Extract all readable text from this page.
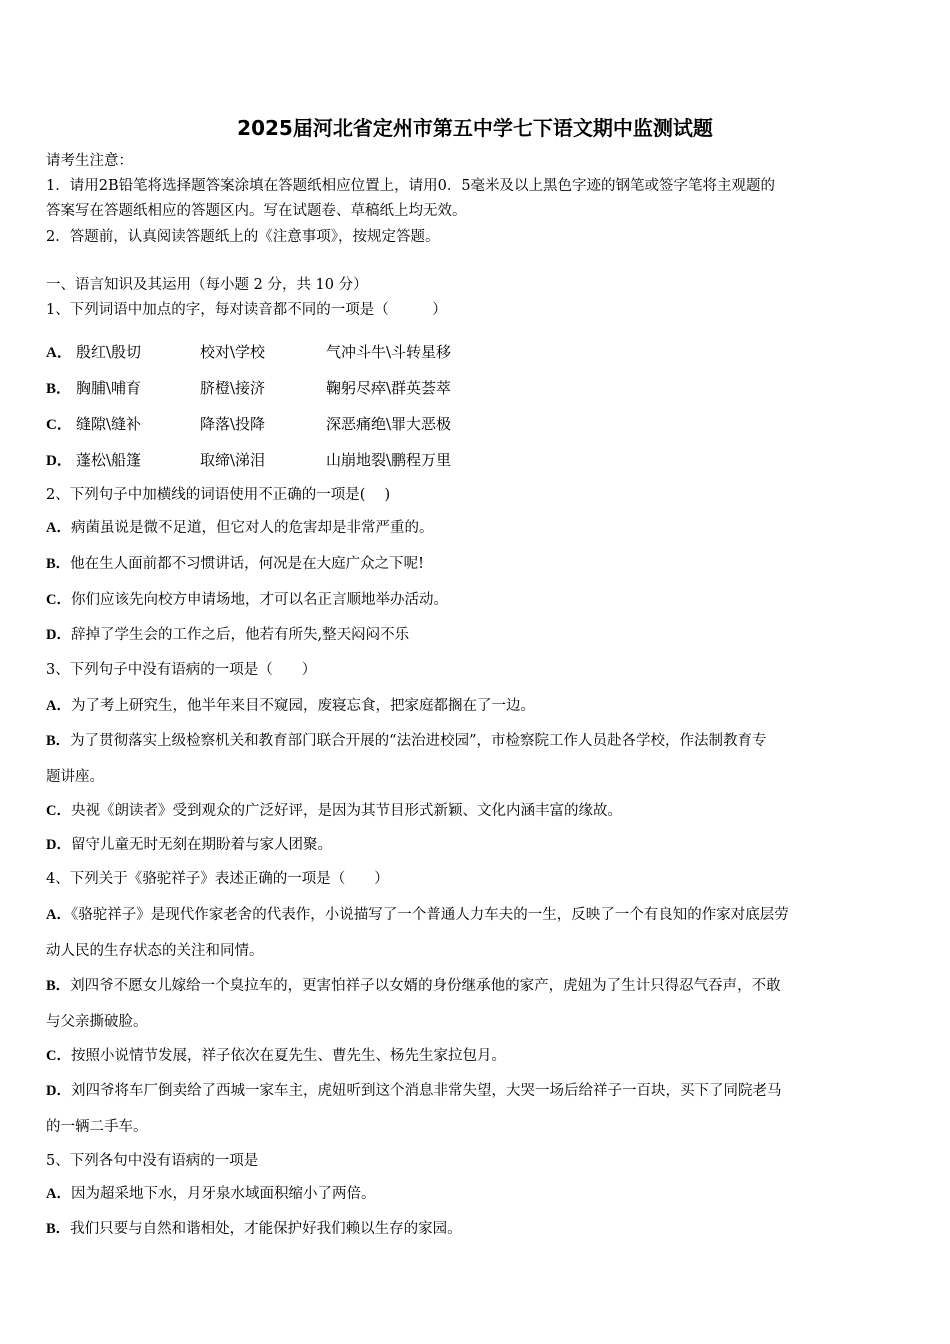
2025届河北省定州市第五中学七下语文期中监测试题
请考生注意：
1．请用2B铅笔将选择题答案涂填在答题纸相应位置上，请用0．5毫米及以上黑色字迹的钢笔或签字笔将主观题的
答案写在答题纸相应的答题区内。写在试题卷、草稿纸上均无效。
2．答题前，认真阅读答题纸上的《注意事项》，按规定答题。
一、语言知识及其运用（每小题 2 分，共 10 分）
1、下列词语中加点的字，每对读音都不同的一项是（　　　）
A． 殷红\殷切	校对\学校	气冲斗牛\斗转星移
B． 胸脯\哺育	脐橙\接济	鞠躬尽瘁\群英荟萃
C． 缝隙\缝补	降落\投降	深恶痛绝\罪大恶极
D． 蓬松\船篷	取缔\涕泪	山崩地裂\鹏程万里
2、下列句子中加横线的词语使用不正确的一项是(　 )
A．病菌虽说是微不足道，但它对人的危害却是非常严重的。
B．他在生人面前都不习惯讲话，何况是在大庭广众之下呢!
C．你们应该先向校方申请场地，才可以名正言顺地举办活动。
D．辞掉了学生会的工作之后，他若有所失,整天闷闷不乐
3、下列句子中没有语病的一项是（　　）
A．为了考上研究生，他半年来目不窥园，废寝忘食，把家庭都搁在了一边。
B．为了贯彻落实上级检察机关和教育部门联合开展的“法治进校园”，市检察院工作人员赴各学校，作法制教育专
题讲座。
C．央视《朗读者》受到观众的广泛好评，是因为其节目形式新颖、文化内涵丰富的缘故。
D．留守儿童无时无刻在期盼着与家人团聚。
4、下列关于《骆驼祥子》表述正确的一项是（　　）
A．《骆驼祥子》是现代作家老舍的代表作，小说描写了一个普通人力车夫的一生，反映了一个有良知的作家对底层劳
动人民的生存状态的关注和同情。
B．刘四爷不愿女儿嫁给一个臭拉车的，更害怕祥子以女婿的身份继承他的家产，虎妞为了生计只得忍气吞声，不敢
与父亲撕破脸。
C．按照小说情节发展，祥子依次在夏先生、曹先生、杨先生家拉包月。
D．刘四爷将车厂倒卖给了西城一家车主，虎妞听到这个消息非常失望，大哭一场后给祥子一百块，买下了同院老马
的一辆二手车。
5、下列各句中没有语病的一项是
A．因为超采地下水，月牙泉水域面积缩小了两倍。
B．我们只要与自然和谐相处，才能保护好我们赖以生存的家园。
